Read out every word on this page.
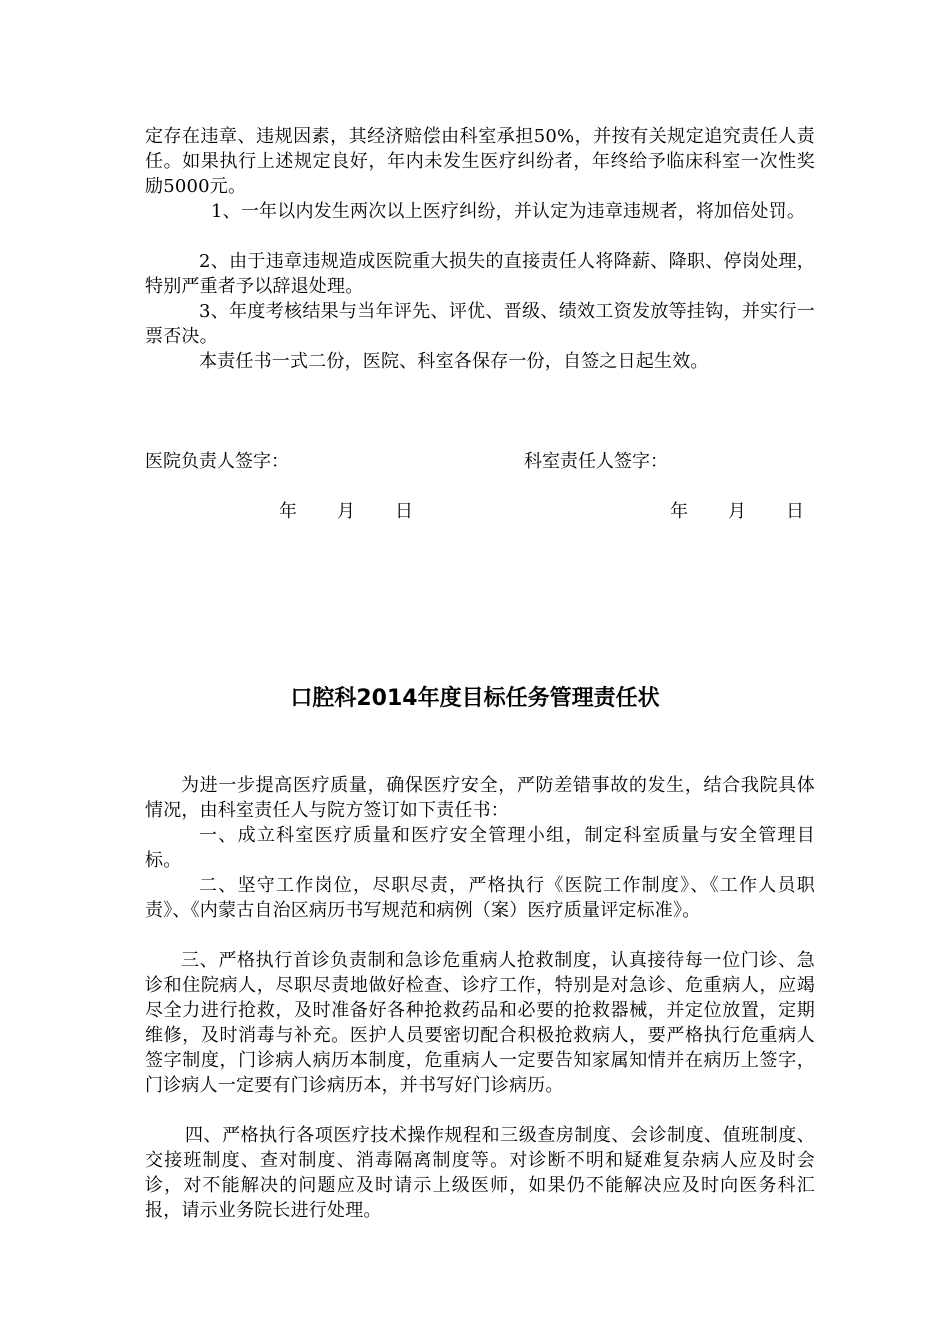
定存在违章、违规因素，其经济赔偿由科室承担50%，并按有关规定追究责任人责任。如果执行上述规定良好，年内未发生医疗纠纷者，年终给予临床科室一次性奖励5000元。

1、一年以内发生两次以上医疗纠纷，并认定为违章违规者，将加倍处罚。

2、由于违章违规造成医院重大损失的直接责任人将降薪、降职、停岗处理，特别严重者予以辞退处理。

3、年度考核结果与当年评先、评优、晋级、绩效工资发放等挂钩，并实行一票否决。

本责任书一式二份，医院、科室各保存一份，自签之日起生效。

医院负责人签字：	科室责任人签字：

年 月 日	年 月 日
口腔科2014年度目标任务管理责任状

为进一步提高医疗质量，确保医疗安全，严防差错事故的发生，结合我院具体情况，由科室责任人与院方签订如下责任书：

一、成立科室医疗质量和医疗安全管理小组，制定科室质量与安全管理目标。

二、坚守工作岗位，尽职尽责，严格执行《医院工作制度》、《工作人员职责》、《内蒙古自治区病历书写规范和病例（案）医疗质量评定标准》。

三、严格执行首诊负责制和急诊危重病人抢救制度，认真接待每一位门诊、急诊和住院病人，尽职尽责地做好检查、诊疗工作，特别是对急诊、危重病人，应竭尽全力进行抢救，及时准备好各种抢救药品和必要的抢救器械，并定位放置，定期维修，及时消毒与补充。医护人员要密切配合积极抢救病人，要严格执行危重病人签字制度，门诊病人病历本制度，危重病人一定要告知家属知情并在病历上签字，门诊病人一定要有门诊病历本，并书写好门诊病历。

四、严格执行各项医疗技术操作规程和三级查房制度、会诊制度、值班制度、交接班制度、查对制度、消毒隔离制度等。对诊断不明和疑难复杂病人应及时会诊，对不能解决的问题应及时请示上级医师，如果仍不能解决应及时向医务科汇报，请示业务院长进行处理。
